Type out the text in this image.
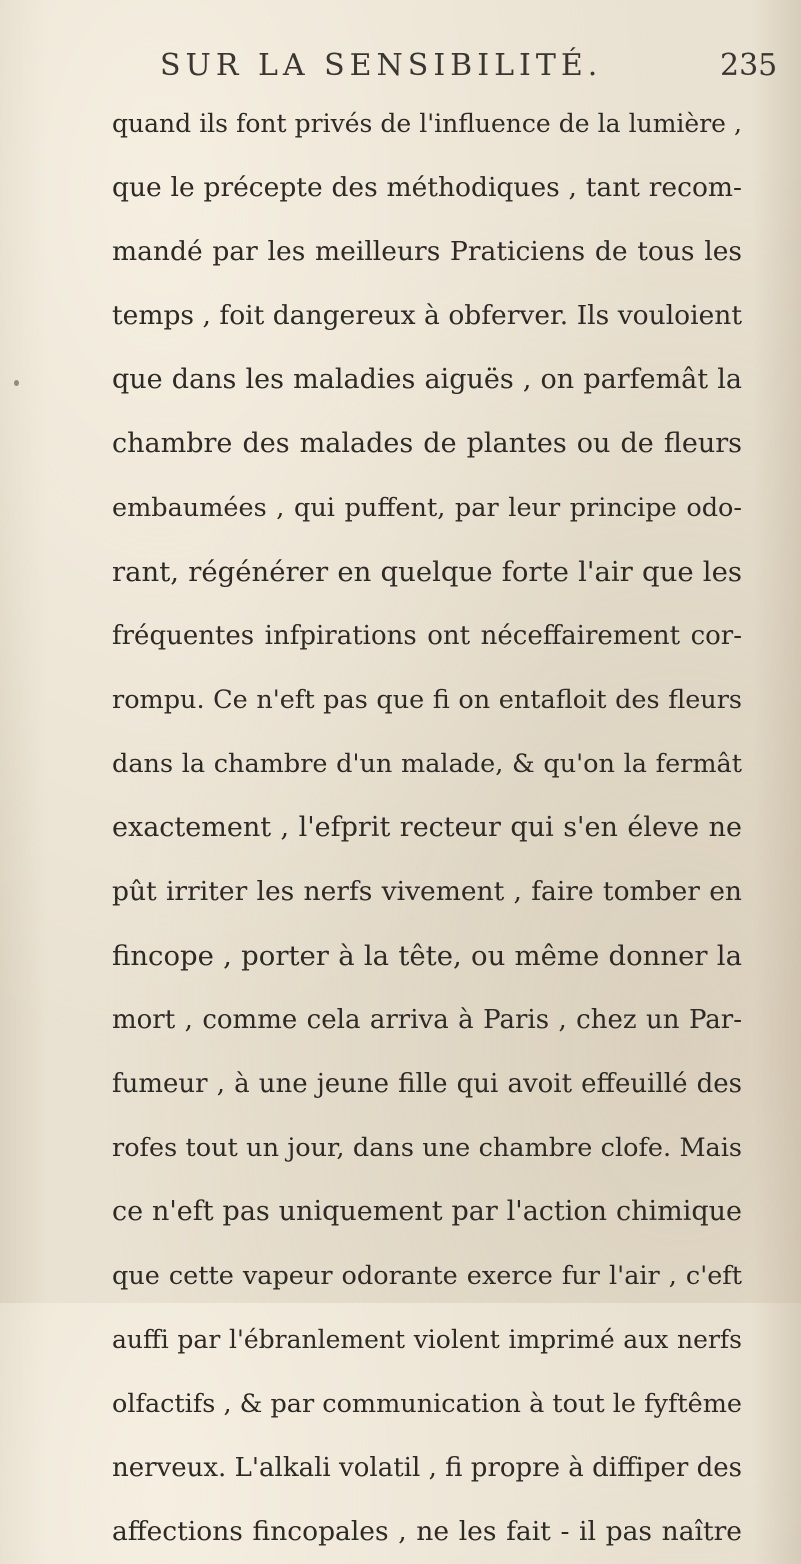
SUR LA SENSIBILITÉ.	235
quand ils font privés de l'influence de la lumière ,
que le précepte des méthodiques , tant recom-
mandé par les meilleurs Praticiens de tous les
temps , foit dangereux à obferver. Ils vouloient
que dans les maladies aiguës , on parfemât la
chambre des malades de plantes ou de fleurs
embaumées , qui puffent, par leur principe odo-
rant, régénérer en quelque forte l'air que les
fréquentes infpirations ont néceffairement cor-
rompu. Ce n'eft pas que fi on entafloit des fleurs
dans la chambre d'un malade, & qu'on la fermât
exactement , l'efprit recteur qui s'en éleve ne
pût irriter les nerfs vivement , faire tomber en
fincope , porter à la tête, ou même donner la
mort , comme cela arriva à Paris , chez un Par-
fumeur , à une jeune fille qui avoit effeuillé des
rofes tout un jour, dans une chambre clofe. Mais
ce n'eft pas uniquement par l'action chimique
que cette vapeur odorante exerce fur l'air , c'eft
auffi par l'ébranlement violent imprimé aux nerfs
olfactifs , & par communication à tout le fyftême
nerveux. L'alkali volatil , fi propre à diffiper des
affections fincopales , ne les fait - il pas naître
